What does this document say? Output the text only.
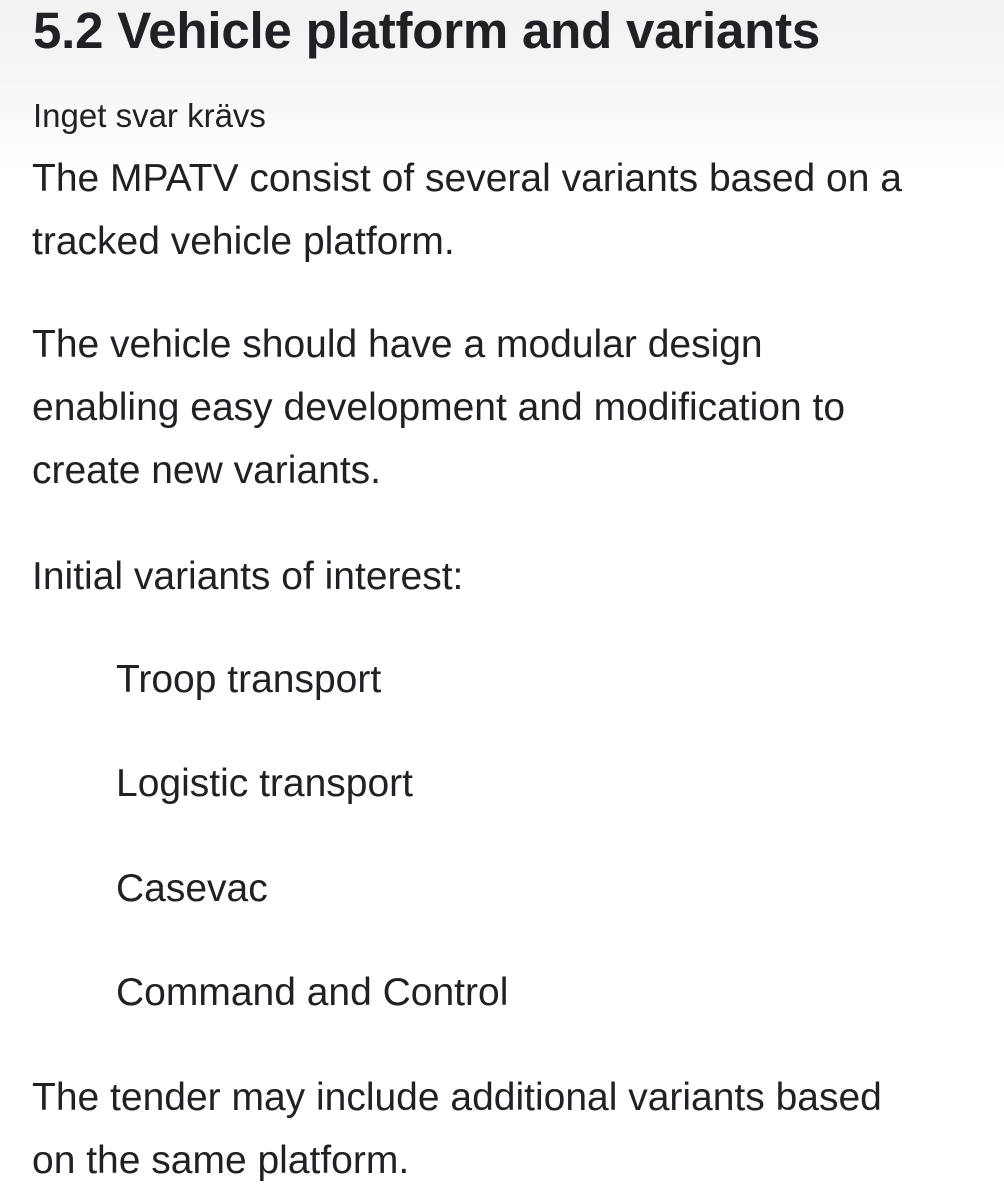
5.2 Vehicle platform and variants
Inget svar krävs

The MPATV consist of several variants based on a
tracked vehicle platform.

The vehicle should have a modular design
enabling easy development and modification to
create new variants.

Initial variants of interest:

Troop transport

Logistic transport

Casevac

Command and Control

The tender may include additional variants based
on the same platform.
